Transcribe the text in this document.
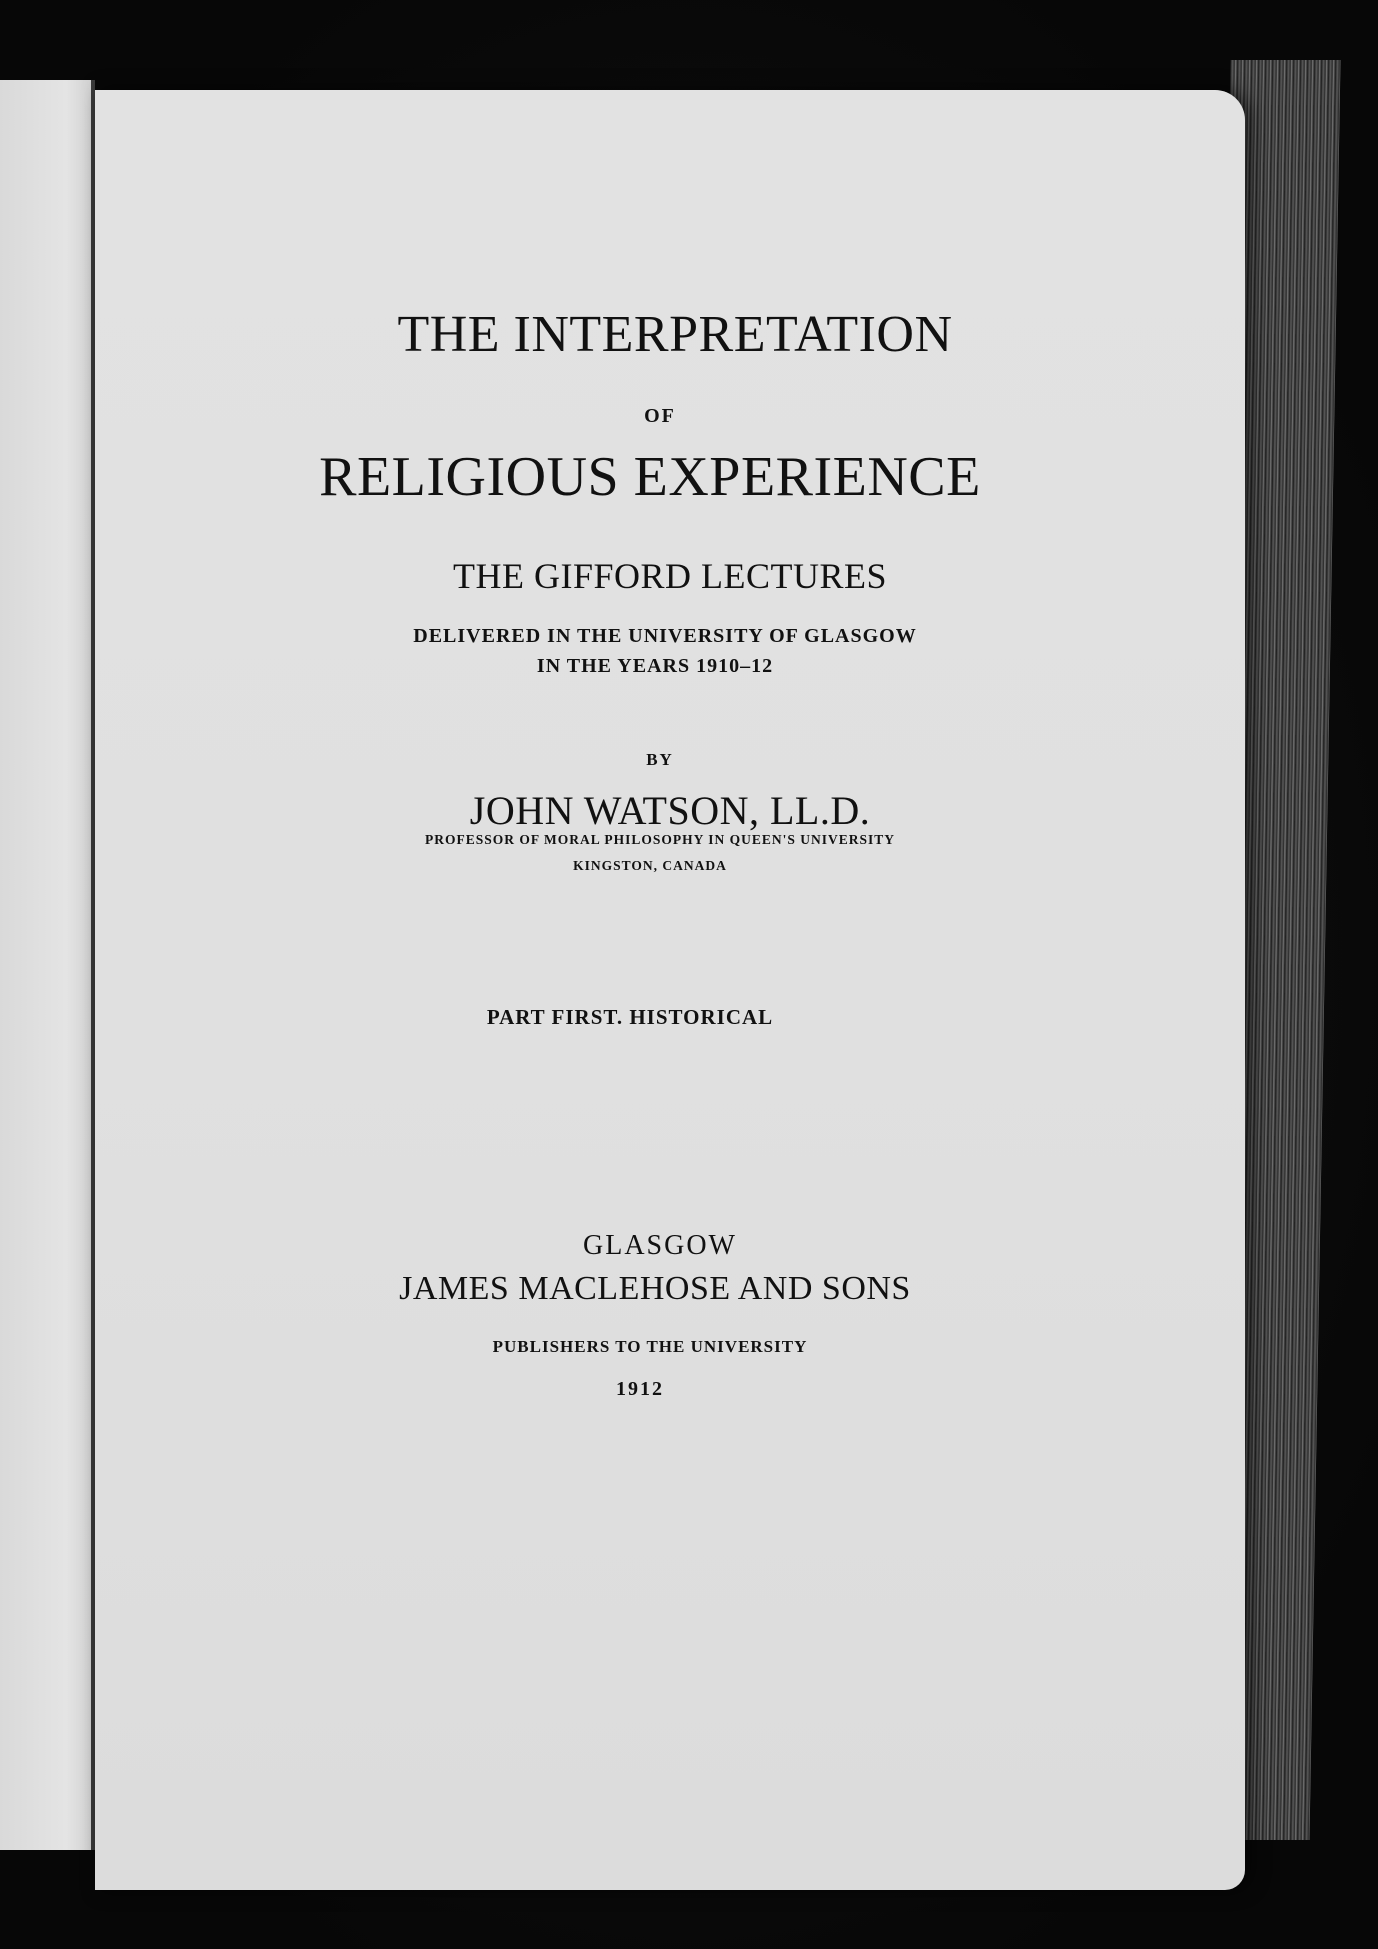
THE INTERPRETATION
OF
RELIGIOUS EXPERIENCE
THE GIFFORD LECTURES
DELIVERED IN THE UNIVERSITY OF GLASGOW
IN THE YEARS 1910–12
BY
JOHN WATSON, LL.D.
PROFESSOR OF MORAL PHILOSOPHY IN QUEEN'S UNIVERSITY
KINGSTON, CANADA
PART FIRST. HISTORICAL
GLASGOW
JAMES MACLEHOSE AND SONS
PUBLISHERS TO THE UNIVERSITY
1912
